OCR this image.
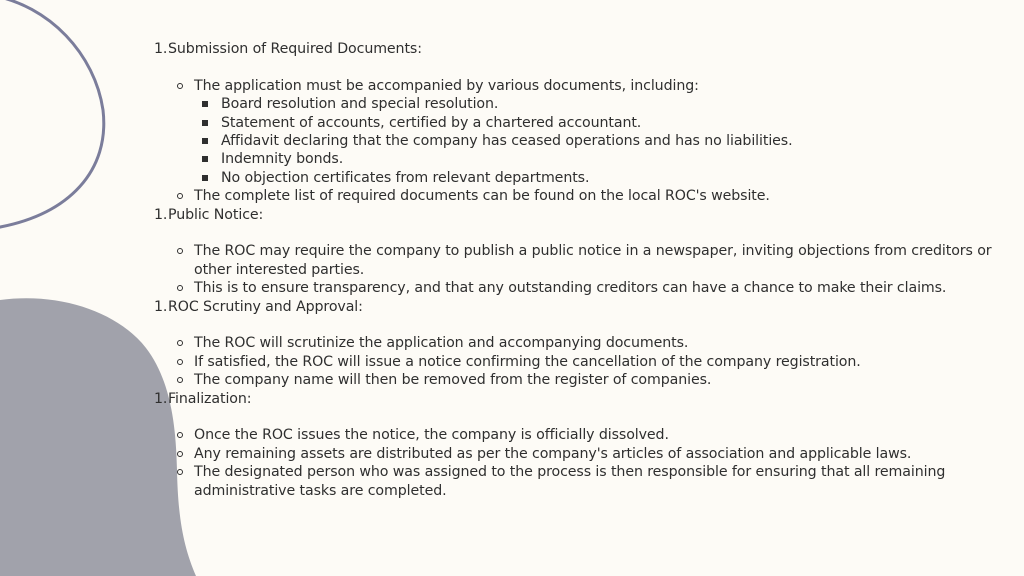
1. Submission of Required Documents:
The application must be accompanied by various documents, including:
Board resolution and special resolution.
Statement of accounts, certified by a chartered accountant.
Affidavit declaring that the company has ceased operations and has no liabilities.
Indemnity bonds.
No objection certificates from relevant departments.
The complete list of required documents can be found on the local ROC's website.
1. Public Notice:
The ROC may require the company to publish a public notice in a newspaper, inviting objections from creditors or other interested parties.
This is to ensure transparency, and that any outstanding creditors can have a chance to make their claims.
1. ROC Scrutiny and Approval:
The ROC will scrutinize the application and accompanying documents.
If satisfied, the ROC will issue a notice confirming the cancellation of the company registration.
The company name will then be removed from the register of companies.
1. Finalization:
Once the ROC issues the notice, the company is officially dissolved.
Any remaining assets are distributed as per the company's articles of association and applicable laws.
The designated person who was assigned to the process is then responsible for ensuring that all remaining administrative tasks are completed.
